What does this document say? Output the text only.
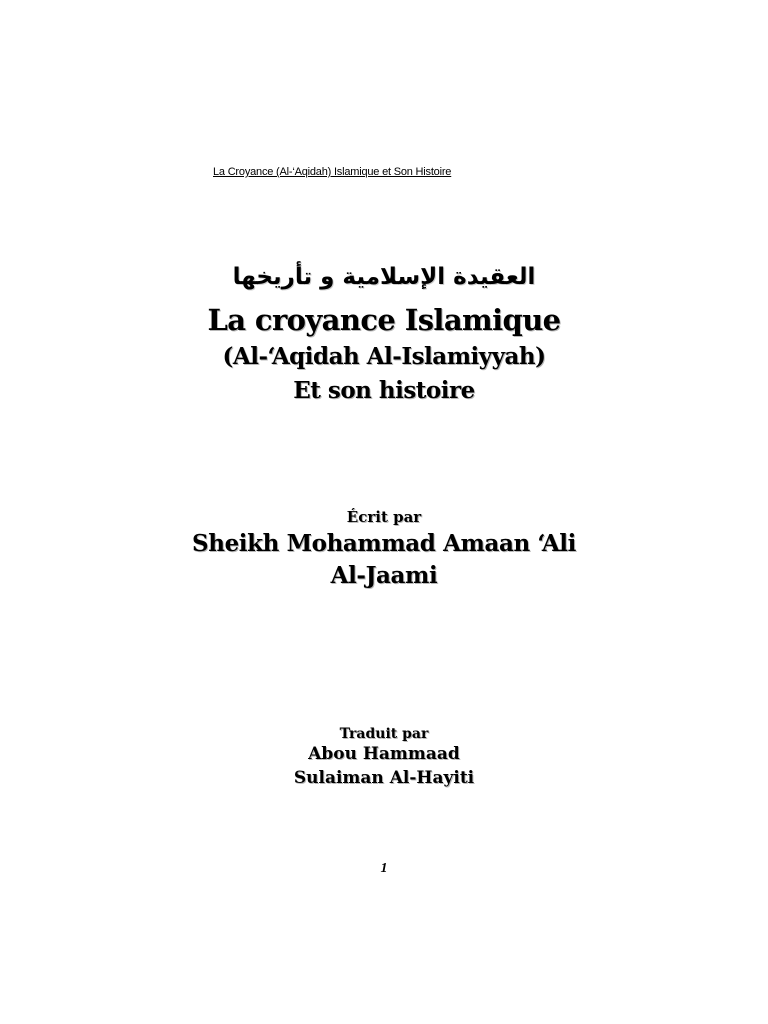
La Croyance (Al-‘Aqidah) Islamique et Son Histoire
العقيدة الإسلامية و تأريخها
La croyance Islamique
(Al-‘Aqidah Al-Islamiyyah)
Et son histoire
Écrit par
Sheikh Mohammad Amaan ‘Ali
Al-Jaami
Traduit par
Abou Hammaad
Sulaiman Al-Hayiti
1
